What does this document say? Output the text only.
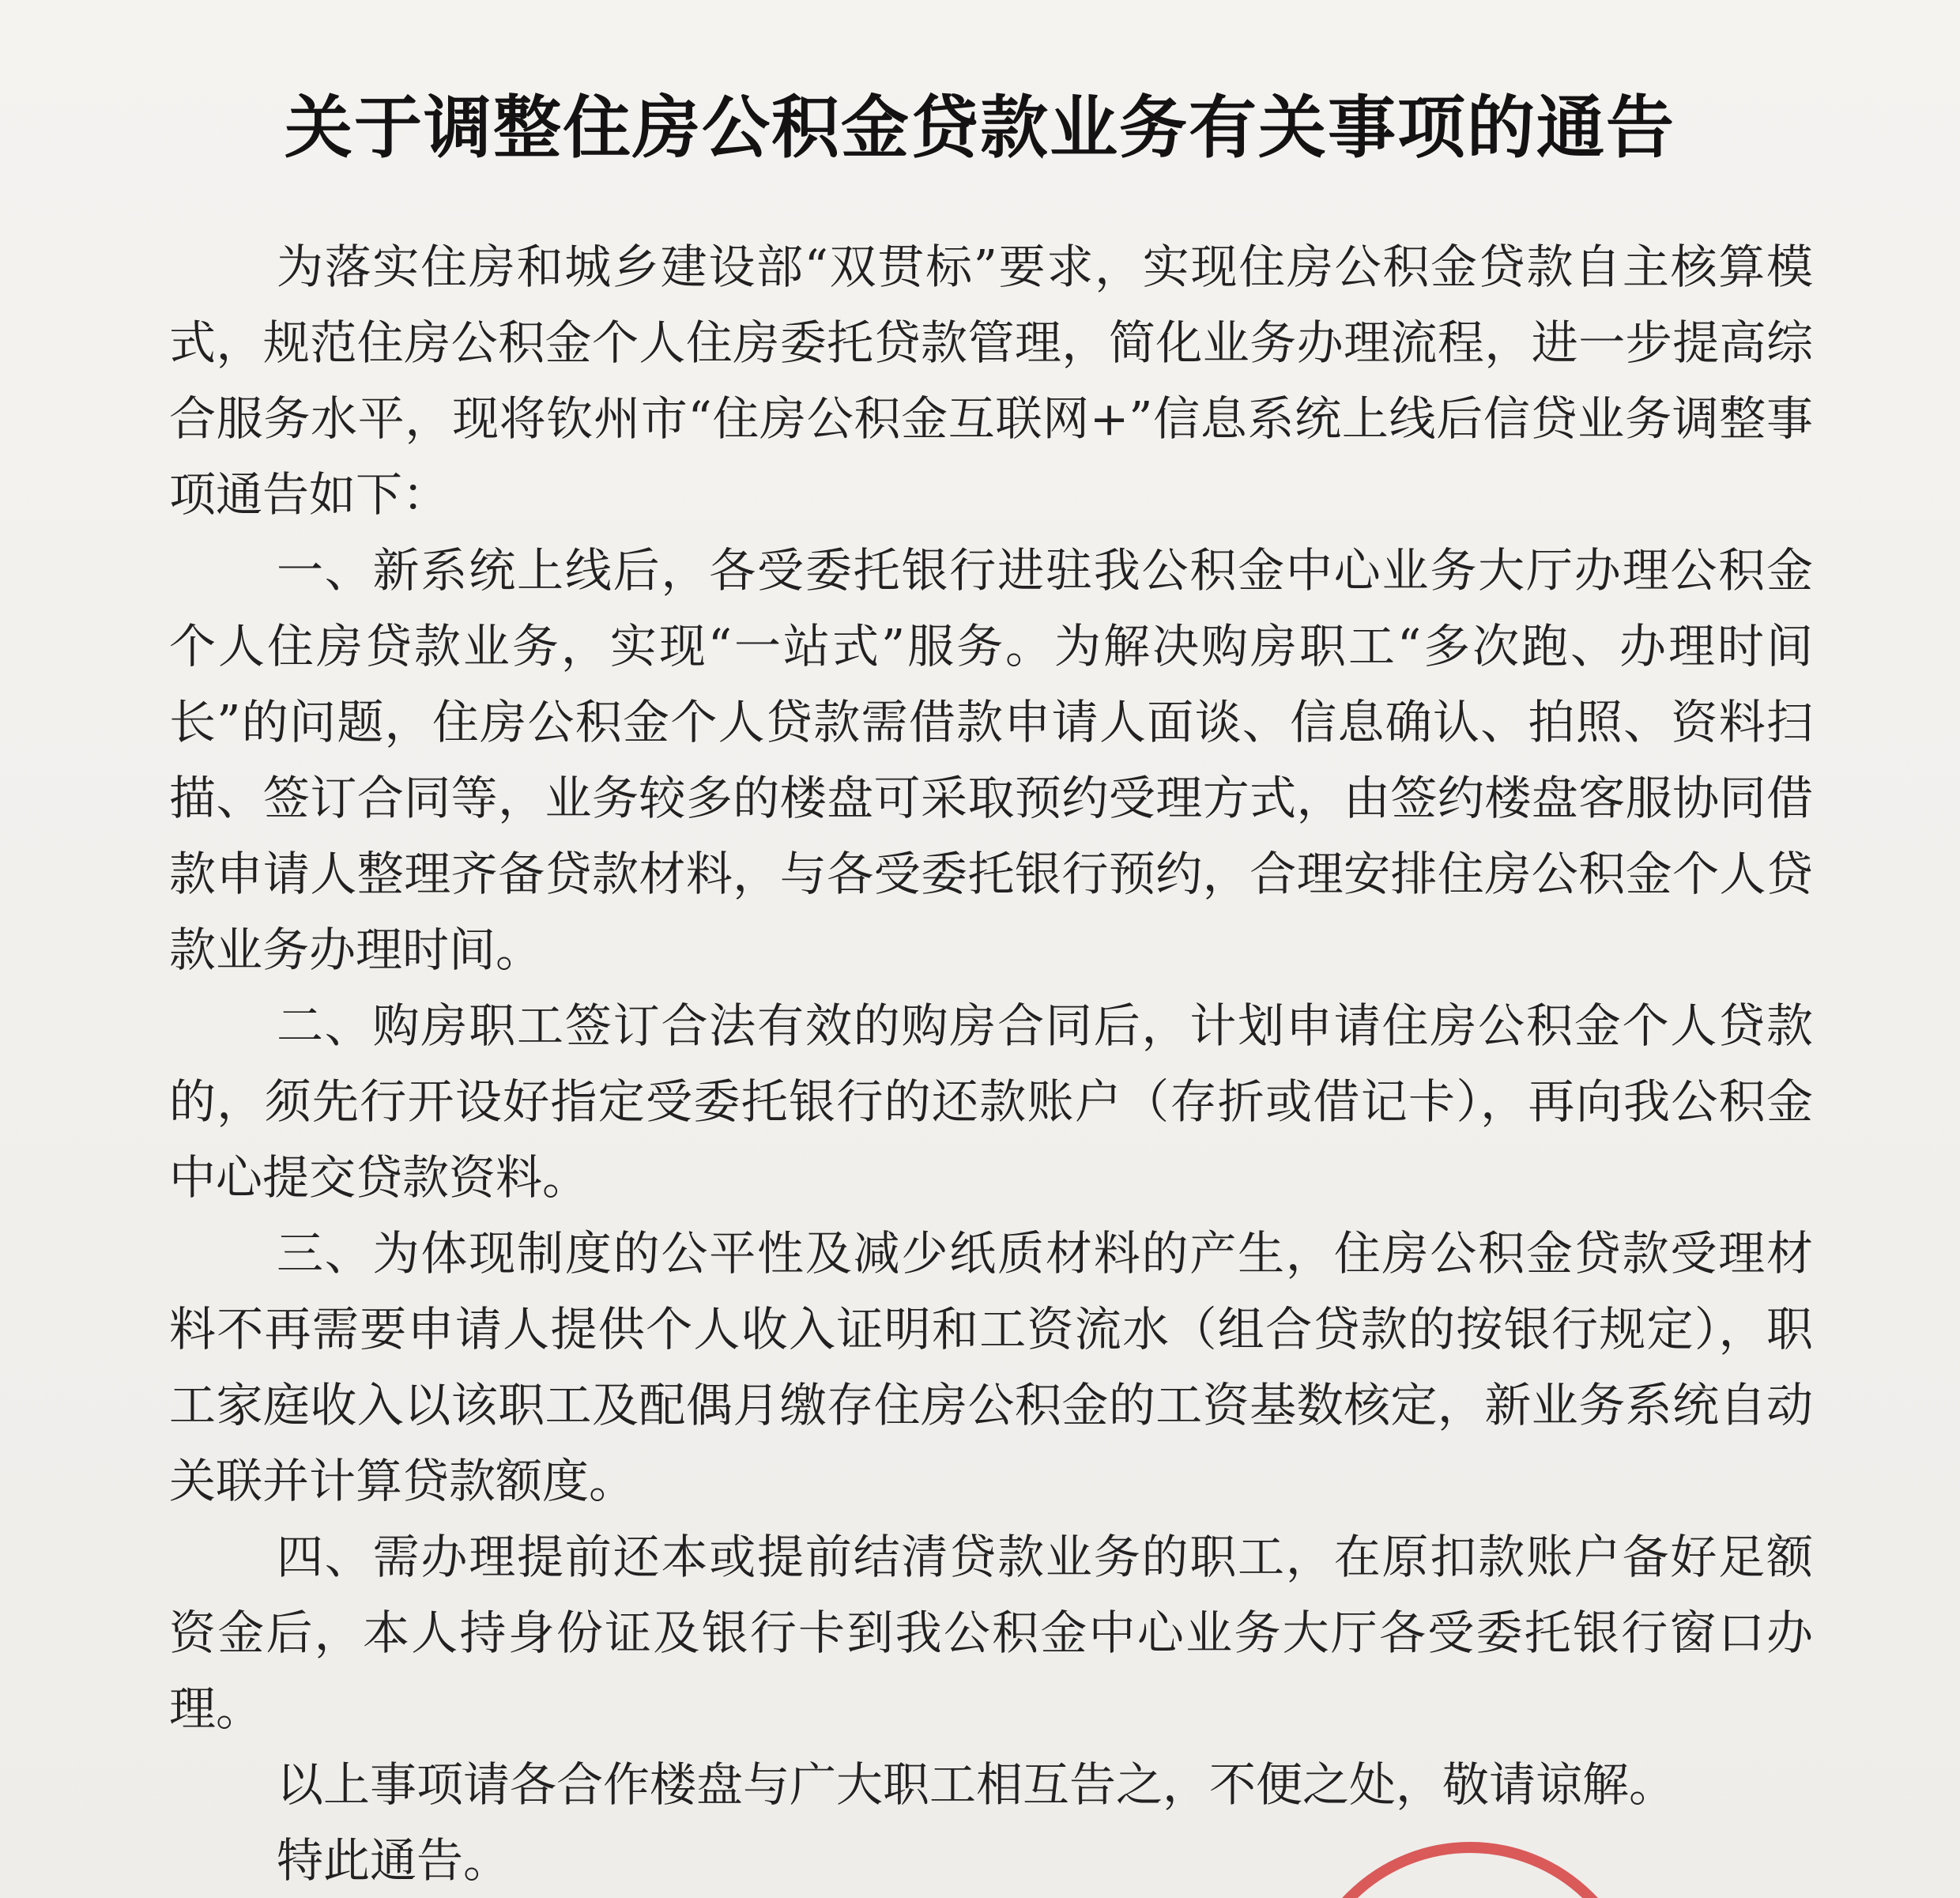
关于调整住房公积金贷款业务有关事项的通告

为落实住房和城乡建设部“双贯标”要求，实现住房公积金贷款自主核算模式，规范住房公积金个人住房委托贷款管理，简化业务办理流程，进一步提高综合服务水平，现将钦州市“住房公积金互联网+”信息系统上线后信贷业务调整事项通告如下：

一、新系统上线后，各受委托银行进驻我公积金中心业务大厅办理公积金个人住房贷款业务，实现“一站式”服务。为解决购房职工“多次跑、办理时间长”的问题，住房公积金个人贷款需借款申请人面谈、信息确认、拍照、资料扫描、签订合同等，业务较多的楼盘可采取预约受理方式，由签约楼盘客服协同借款申请人整理齐备贷款材料，与各受委托银行预约，合理安排住房公积金个人贷款业务办理时间。

二、购房职工签订合法有效的购房合同后，计划申请住房公积金个人贷款的，须先行开设好指定受委托银行的还款账户（存折或借记卡），再向我公积金中心提交贷款资料。

三、为体现制度的公平性及减少纸质材料的产生，住房公积金贷款受理材料不再需要申请人提供个人收入证明和工资流水（组合贷款的按银行规定），职工家庭收入以该职工及配偶月缴存住房公积金的工资基数核定，新业务系统自动关联并计算贷款额度。

四、需办理提前还本或提前结清贷款业务的职工，在原扣款账户备好足额资金后，本人持身份证及银行卡到我公积金中心业务大厅各受委托银行窗口办理。

以上事项请各合作楼盘与广大职工相互告之，不便之处，敬请谅解。

特此通告。
